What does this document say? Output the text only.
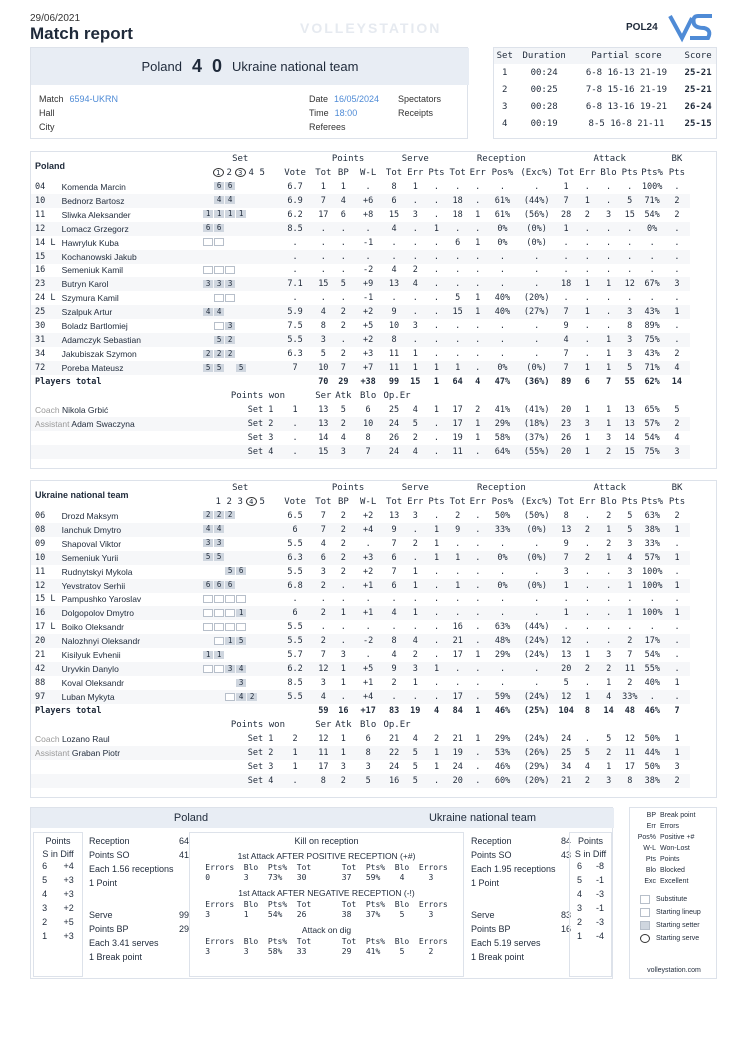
29/06/2021
Match report	VOLLEYSTATION	POL24
Poland 4 0 Ukraine national team
Match 6594-UKRN
Hall
City
Date 16/05/2024
Time 18:00
Referees
Spectators
Receipts
Set	Duration	Partial score	Score
1	00:24	6-8 16-13 21-19	25-21
2	00:25	7-8 15-16 21-19	25-21
3	00:28	6-8 13-16 19-21	26-24
4	00:19	8-5 16-8 21-11	25-15
Poland		Set		Points			Serve			Reception				Attack					BK
		1 2 3 4 5	Vote	Tot	BP	W-L	Tot	Err	Pts	Tot	Err	Pos%	(Exc%)	Tot	Err	Blo	Pts	Pts%	Pts
04	Komenda Marcin	6 6	6.7	1	1	.	8	1	.	.	.	.	.	1	.	.	.	100%	.
10	Bednorz Bartosz	4 4	6.9	7	4	+6	6	.	.	18	.	61%	(44%)	7	1	.	5	71%	2
11	Sliwka Aleksander	1 1 1 1	6.2	17	6	+8	15	3	.	18	1	61%	(56%)	28	2	3	15	54%	2
12	Lomacz Grzegorz	6 6	8.5	.	.	.	4	.	1	.	.	0%	(0%)	1	.	.	.	0%	.
14 L	Hawryluk Kuba		.	.	.	-1	.	.	.	6	1	0%	(0%)	.	.	.	.	.	.
15	Kochanowski Jakub		.	.	.	.	.	.	.	.	.	.	.	.	.	.	.	.	.
16	Semeniuk Kamil		.	.	.	-2	4	2	.	.	.	.	.	.	.	.	.	.	.
23	Butryn Karol	3 3 3	7.1	15	5	+9	13	4	.	.	.	.	.	18	1	1	12	67%	3
24 L	Szymura Kamil		.	.	.	-1	.	.	.	5	1	40%	(20%)	.	.	.	.	.	.
25	Szalpuk Artur	4 4	5.9	4	2	+2	9	.	.	15	1	40%	(27%)	7	1	.	3	43%	1
30	Boladz Bartlomiej	3	7.5	8	2	+5	10	3	.	.	.	.	.	9	.	.	8	89%	.
31	Adamczyk Sebastian	5 2	5.5	3	.	+2	8	.	.	.	.	.	.	4	.	1	3	75%	.
34	Jakubiszak Szymon	2 2 2	6.3	5	2	+3	11	1	.	.	.	.	.	7	.	1	3	43%	2
72	Poreba Mateusz	5 5 5	7	10	7	+7	11	1	1	1	.	0%	(0%)	7	1	1	5	71%	4
Players total				70	29	+38	99	15	1	64	4	47%	(36%)	89	6	7	55	62%	14
		Points won		Ser	Atk	Blo	Op.Er												
Coach Nikola Grbić		Set 1	1	13	5	6	25	4	1	17	2	41%	(41%)	20	1	1	13	65%	5
Assistant Adam Swaczyna		Set 2	.	13	2	10	24	5	.	17	1	29%	(18%)	23	3	1	13	57%	2
		Set 3	.	14	4	8	26	2	.	19	1	58%	(37%)	26	1	3	14	54%	4
		Set 4	.	15	3	7	24	4	.	11	.	64%	(55%)	20	1	2	15	75%	3
Ukraine national team		Set		Points			Serve			Reception				Attack					BK
		1 2 3 4 5	Vote	Tot	BP	W-L	Tot	Err	Pts	Tot	Err	Pos%	(Exc%)	Tot	Err	Blo	Pts	Pts%	Pts
06	Drozd Maksym	2 2 2	6.5	7	2	+2	13	3	.	2	.	50%	(50%)	8	.	2	5	63%	2
08	Ianchuk Dmytro	4 4	6	7	2	+4	9	.	1	9	.	33%	(0%)	13	2	1	5	38%	1
09	Shapoval Viktor	3 3	5.5	4	2	.	7	2	1	.	.	.	.	9	.	2	3	33%	.
10	Semeniuk Yurii	5 5	6.3	6	2	+3	6	.	1	1	.	0%	(0%)	7	2	1	4	57%	1
11	Rudnytskyi Mykola	5 6	5.5	3	2	+2	7	1	.	.	.	.	.	3	.	.	3	100%	.
12	Yevstratov Serhii	6 6 6	6.8	2	.	+1	6	1	.	1	.	0%	(0%)	1	.	.	1	100%	1
15 L	Pampushko Yaroslav		.	.	.	.	.	.	.	.	.	.	.	.	.	.	.	.	.
16	Dolgopolov Dmytro	1	6	2	1	+1	4	1	.	.	.	.	.	1	.	.	1	100%	1
17 L	Boiko Oleksandr		5.5	.	.	.	.	.	.	16	.	63%	(44%)	.	.	.	.	.	.
20	Nalozhnyi Oleksandr	1 5	5.5	2	.	-2	8	4	.	21	.	48%	(24%)	12	.	.	2	17%	.
21	Kisilyuk Evhenii	1 1	5.7	7	3	.	4	2	.	17	1	29%	(24%)	13	1	3	7	54%	.
42	Uryvkin Danylo	3 4	6.2	12	1	+5	9	3	1	.	.	.	.	20	2	2	11	55%	.
88	Koval Oleksandr	3	8.5	3	1	+1	2	1	.	.	.	.	.	5	.	1	2	40%	1
97	Luban Mykyta	4 2	5.5	4	.	+4	.	.	.	17	.	59%	(24%)	12	1	4	33%	.	.
Players total				59	16	+17	83	19	4	84	1	46%	(25%)	104	8	14	48	46%	7
		Points won		Ser	Atk	Blo	Op.Er												
Coach Lozano Raul		Set 1	2	12	1	6	21	4	2	21	1	29%	(24%)	24	.	5	12	50%	1
Assistant Graban Piotr		Set 2	1	11	1	8	22	5	1	19	.	53%	(26%)	25	5	2	11	44%	1
		Set 3	1	17	3	3	24	5	1	24	.	46%	(29%)	34	4	1	17	50%	3
		Set 4	.	8	2	5	16	5	.	20	.	60%	(20%)	21	2	3	8	38%	2
Poland	Ukraine national team
Points
S in Diff
6 +4
5 +3
4 +3
3 +2
2 +5
1 +3
Reception	64
Points SO	41
Each 1.56 receptions
1 Point
Serve	99
Points BP	29
Each 3.41 serves
1 Break point
Kill on reception
1st Attack AFTER POSITIVE RECEPTION (+#)
Errors  Blo  Pts%  Tot
0       3    73%   30
Tot  Pts%  Blo  Errors
37   59%    4     3
1st Attack AFTER NEGATIVE RECEPTION (-!)
Errors  Blo  Pts%  Tot
3       1    54%   26
Tot  Pts%  Blo  Errors
38   37%    5     3
Attack on dig
Errors  Blo  Pts%  Tot
3       3    58%   33
Tot  Pts%  Blo  Errors
29   41%    5     2
Reception	84
Points SO	43
Each 1.95 receptions
1 Point
Serve	83
Points BP	16
Each 5.19 serves
1 Break point
Points
S in Diff
6 -8
5 -1
4 -3
3 -1
2 -3
1 -4
BP Break point
Err Errors
Pos% Positive +#
W-L Won-Lost
Pts Points
Blo Blocked
Exc Excellent
Substitute
Starting lineup
Starting setter
Starting serve
volleystation.com
